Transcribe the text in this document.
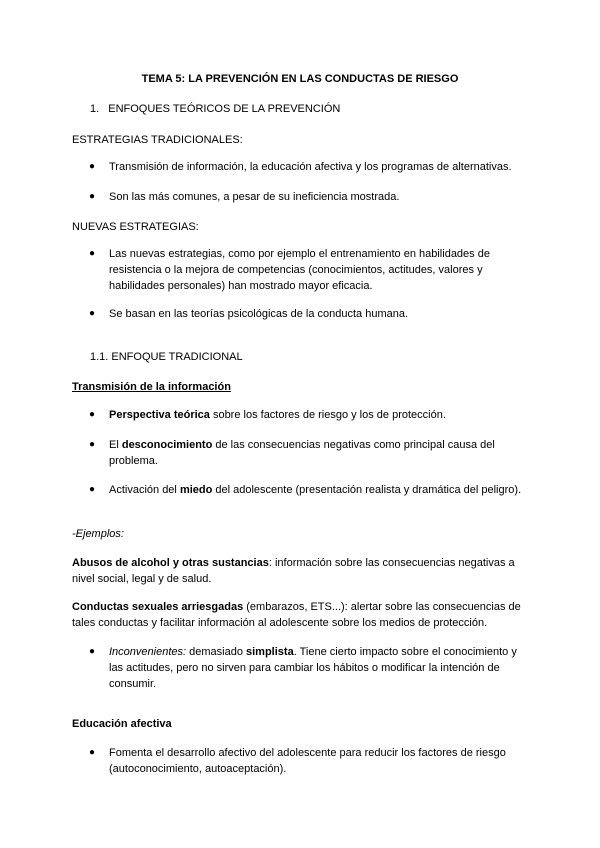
TEMA 5: LA PREVENCIÓN EN LAS CONDUCTAS DE RIESGO
1. ENFOQUES TEÓRICOS DE LA PREVENCIÓN
ESTRATEGIAS TRADICIONALES:
● Transmisión de información, la educación afectiva y los programas de alternativas.
● Son las más comunes, a pesar de su ineficiencia mostrada.
NUEVAS ESTRATEGIAS:
● Las nuevas estrategias, como por ejemplo el entrenamiento en habilidades de
resistencia o la mejora de competencias (conocimientos, actitudes, valores y
habilidades personales) han mostrado mayor eficacia.
● Se basan en las teorías psicológicas de la conducta humana.
1.1. ENFOQUE TRADICIONAL
Transmisión de la información
● Perspectiva teórica sobre los factores de riesgo y los de protección.
● El desconocimiento de las consecuencias negativas como principal causa del
problema.
● Activación del miedo del adolescente (presentación realista y dramática del peligro).
-Ejemplos:
Abusos de alcohol y otras sustancias: información sobre las consecuencias negativas a
nivel social, legal y de salud.
Conductas sexuales arriesgadas (embarazos, ETS...): alertar sobre las consecuencias de
tales conductas y facilitar información al adolescente sobre los medios de protección.
● Inconvenientes: demasiado simplista. Tiene cierto impacto sobre el conocimiento y
las actitudes, pero no sirven para cambiar los hábitos o modificar la intención de
consumir.
Educación afectiva
● Fomenta el desarrollo afectivo del adolescente para reducir los factores de riesgo
(autoconocimiento, autoaceptación).
